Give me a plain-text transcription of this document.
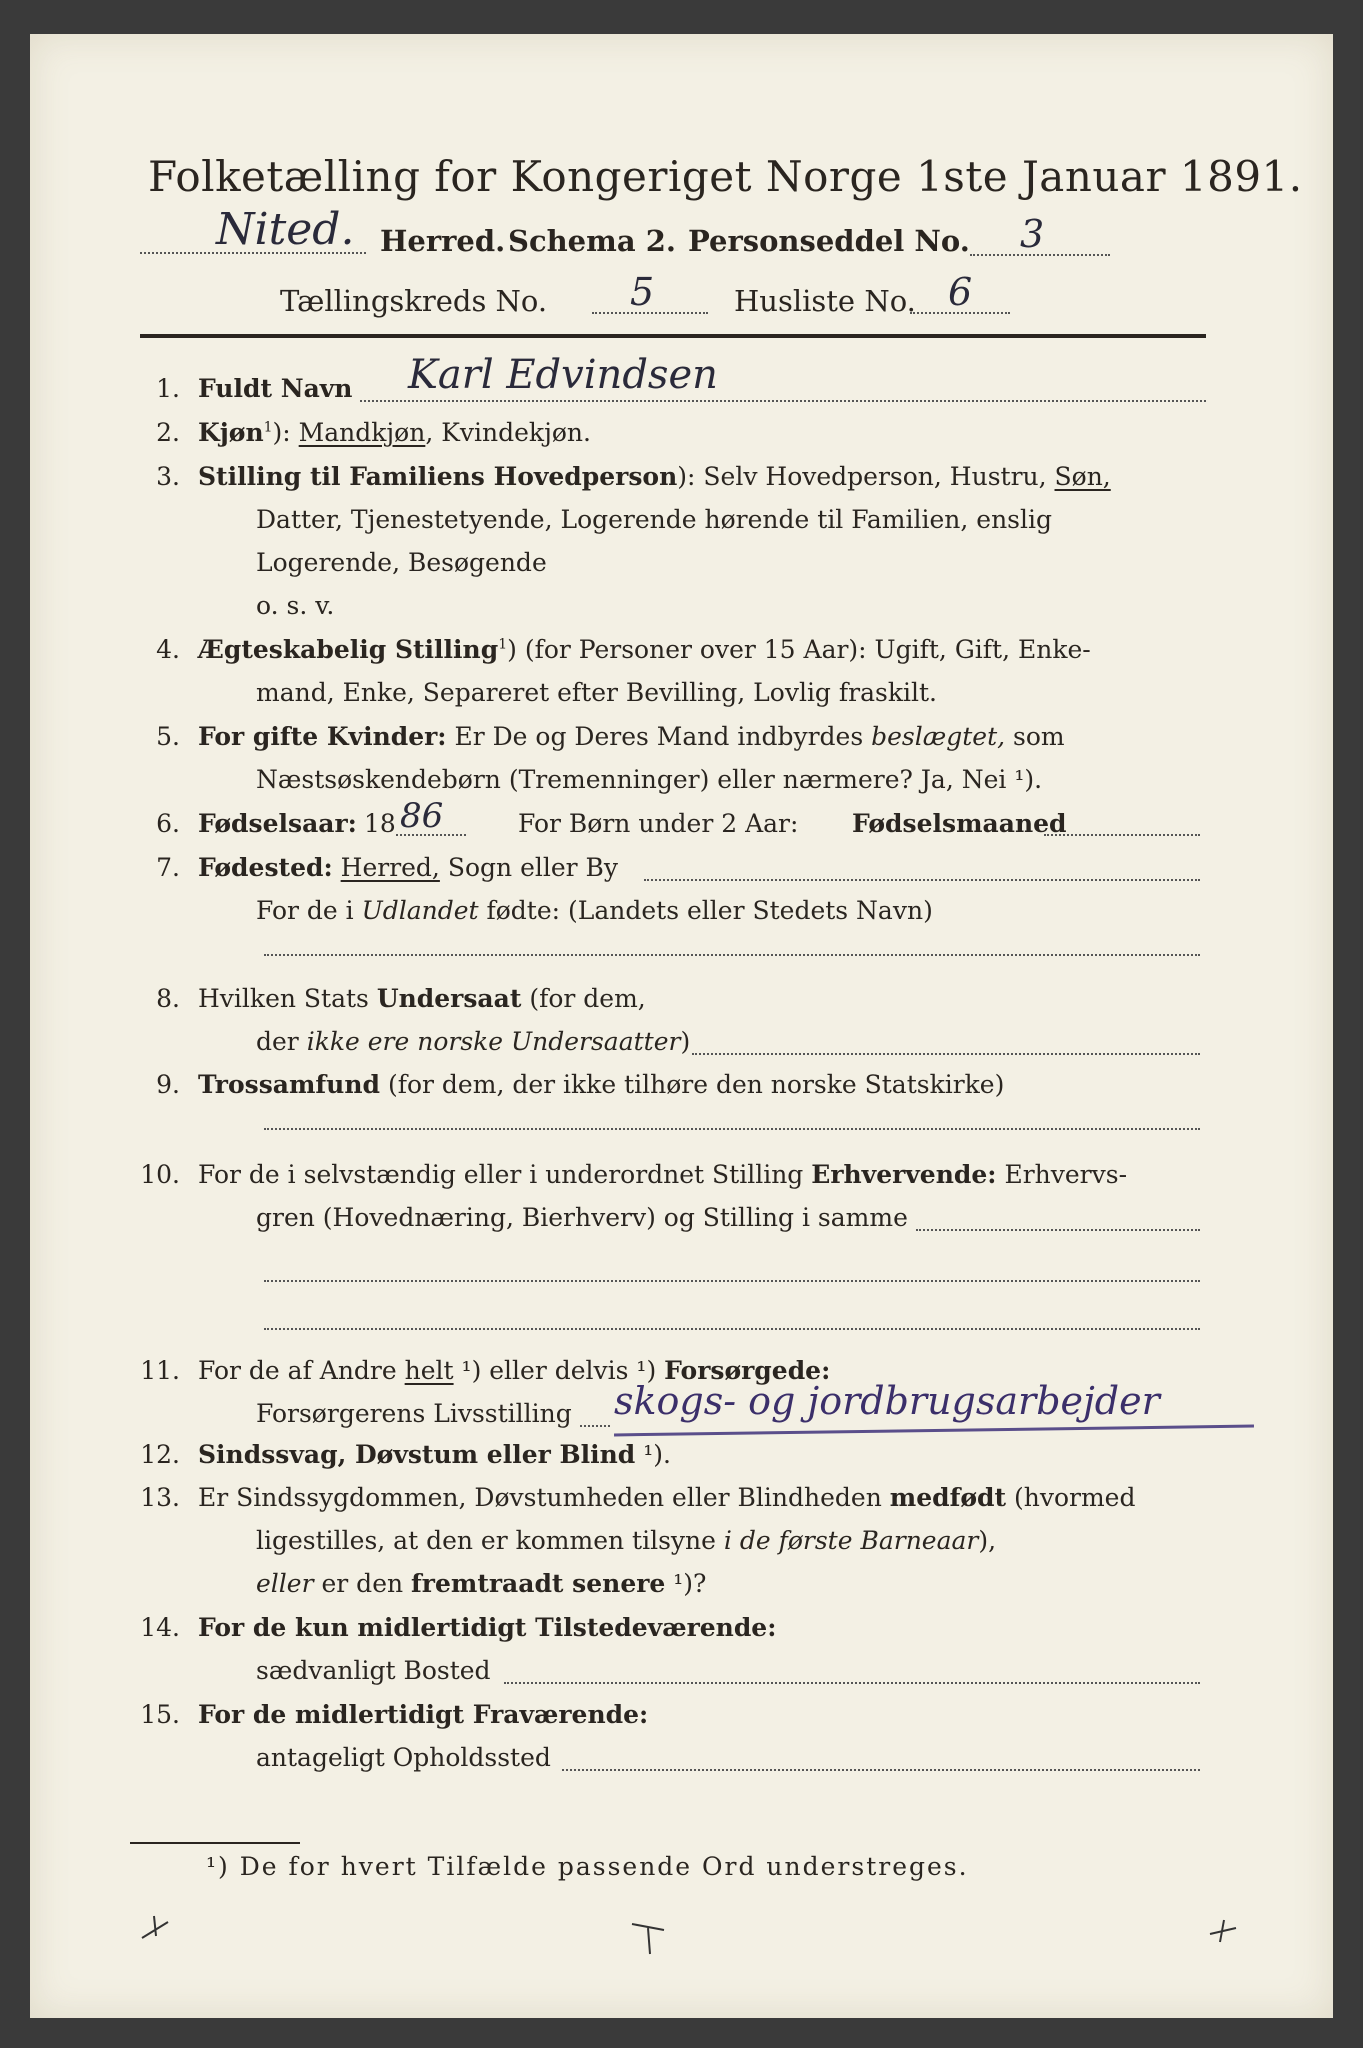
Folketælling for Kongeriget Norge 1ste Januar 1891.
Nited. Herred. Schema 2. Personseddel No. 3
Tællingskreds No. 5	Husliste No. 6
1. Fuldt Navn Karl Edvindsen
2. Kjøn$^1$): Mandkjøn, Kvindekjøn.
3. Stilling til Familiens Hovedperson): Selv Hovedperson, Hustru, Søn,
Datter, Tjenestetyende, Logerende hørende til Familien, enslig
Logerende, Besøgende
o. s. v.
4. Ægteskabelig Stilling$^1$) (for Personer over 15 Aar): Ugift, Gift, Enke-
mand, Enke, Separeret efter Bevilling, Lovlig fraskilt.
5. For gifte Kvinder: Er De og Deres Mand indbyrdes beslægtet, som
Næstsøskendebørn (Tremenninger) eller nærmere? Ja, Nei ¹).
6. Fødselsaar: 18 86	For Børn under 2 Aar: Fødselsmaaned
7. Fødested: Herred, Sogn eller By
For de i Udlandet fødte: (Landets eller Stedets Navn)
8. Hvilken Stats Undersaat (for dem,
der ikke ere norske Undersaatter)
9. Trossamfund (for dem, der ikke tilhøre den norske Statskirke)
10. For de i selvstændig eller i underordnet Stilling Erhvervende: Erhvervs-
gren (Hovednæring, Bierhverv) og Stilling i samme
11. For de af Andre helt ¹) eller delvis ¹) Forsørgede:
Forsørgerens Livsstilling skogs- og jordbrugsarbejder
12. Sindssvag, Døvstum eller Blind ¹).
13. Er Sindssygdommen, Døvstumheden eller Blindheden medfødt (hvormed
ligestilles, at den er kommen tilsyne i de første Barneaar),
eller er den fremtraadt senere ¹)?
14. For de kun midlertidigt Tilstedeværende:
sædvanligt Bosted
15. For de midlertidigt Fraværende:
antageligt Opholdssted
¹) De for hvert Tilfælde passende Ord understreges.
